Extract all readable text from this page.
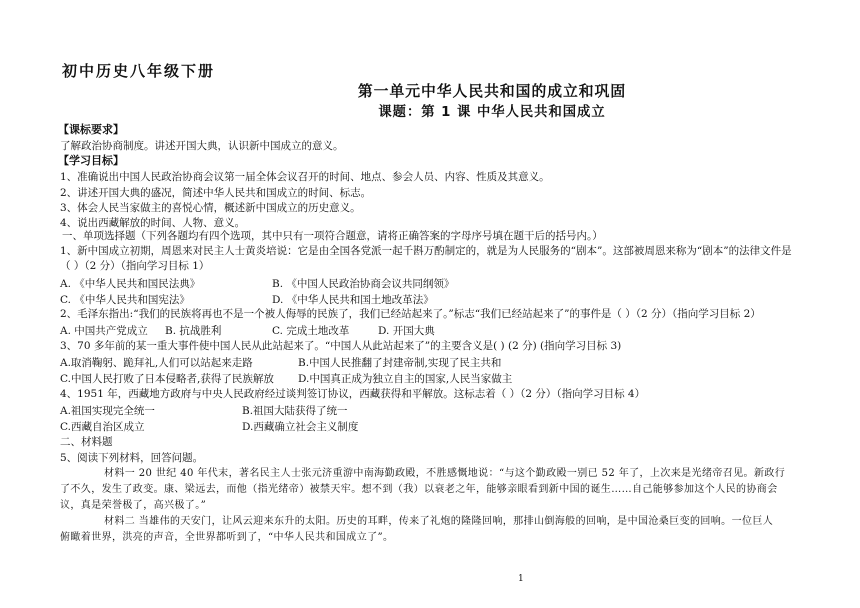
初中历史八年级下册
第一单元中华人民共和国的成立和巩固
课题：第 1 课 中华人民共和国成立
【课标要求】
了解政治协商制度。讲述开国大典，认识新中国成立的意义。
【学习目标】
1、准确说出中国人民政治协商会议第一届全体会议召开的时间、地点、参会人员、内容、性质及其意义。
2、讲述开国大典的盛况，简述中华人民共和国成立的时间、标志。
3、体会人民当家做主的喜悦心情，概述新中国成立的历史意义。
4、说出西藏解放的时间、人物、意义。
一、单项选择题（下列各题均有四个选项，其中只有一项符合题意，请将正确答案的字母序号填在题干后的括号内。）
1、新中国成立初期，周恩来对民主人士黄炎培说：它是由全国各党派一起千斟万酌制定的，就是为人民服务的“剧本”。这部被周恩来称为“剧本”的法律文件是
（ ）（2 分）（指向学习目标 1）
A. 《中华人民共和国民法典》	B. 《中国人民政治协商会议共同纲领》
C. 《中华人民共和国宪法》	D. 《中华人民共和国土地改革法》
2、毛泽东指出:“我们的民族将再也不是一个被人侮辱的民族了，我们已经站起来了。”标志“我们已经站起来了”的事件是（ ）（2 分）（指向学习目标 2）
A. 中国共产党成立 B. 抗战胜利	C. 完成土地改革	D. 开国大典
3、70 多年前的某一重大事件使中国人民从此站起来了。“中国人从此站起来了”的主要含义是( ) (2 分) (指向学习目标 3)
A.取消鞠躬、跪拜礼,人们可以站起来走路	B.中国人民推翻了封建帝制,实现了民主共和
C.中国人民打败了日本侵略者,获得了民族解放 D.中国真正成为独立自主的国家,人民当家做主
4、1951 年，西藏地方政府与中央人民政府经过谈判签订协议，西藏获得和平解放。这标志着（ ）（2 分）（指向学习目标 4）
A.祖国实现完全统一	B.祖国大陆获得了统一
C.西藏自治区成立	D.西藏确立社会主义制度
二、材料题
5、阅读下列材料，回答问题。
材料一 20 世纪 40 年代末，著名民主人士张元济重游中南海勤政殿，不胜感慨地说：“与这个勤政殿一别已 52 年了，上次来是光绪帝召见。新政行
了不久，发生了政变。康、梁远去，而他（指光绪帝）被禁天牢。想不到（我）以衰老之年，能够亲眼看到新中国的诞生……自己能够参加这个人民的协商会
议，真是荣誉极了，高兴极了。”
材料二 当雄伟的天安门，让风云迎来东升的太阳。历史的耳畔，传来了礼炮的隆隆回响，那排山倒海般的回响，是中国沧桑巨变的回响。一位巨人
俯瞰着世界，洪亮的声音，全世界都听到了，“中华人民共和国成立了”。
1
